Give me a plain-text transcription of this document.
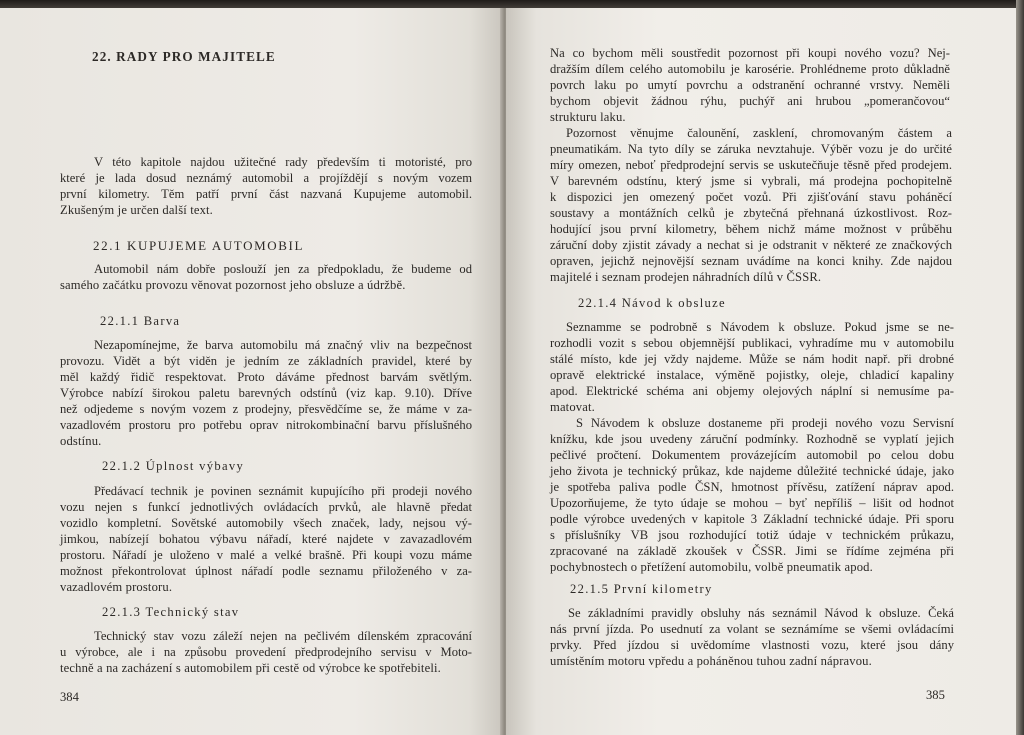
22. RADY PRO MAJITELE
V této kapitole najdou užitečné rady především ti motoristé, pro
které je lada dosud neznámý automobil a projíždějí s novým vozem
první kilometry. Těm patří první část nazvaná Kupujeme automobil.
Zkušeným je určen další text.
22.1 KUPUJEME AUTOMOBIL
Automobil nám dobře poslouží jen za předpokladu, že budeme od
samého začátku provozu věnovat pozornost jeho obsluze a údržbě.
22.1.1 Barva
Nezapomínejme, že barva automobilu má značný vliv na bezpečnost
provozu. Vidět a být viděn je jedním ze základních pravidel, které by
měl každý řidič respektovat. Proto dáváme přednost barvám světlým.
Výrobce nabízí širokou paletu barevných odstínů (viz kap. 9.10). Dříve
než odjedeme s novým vozem z prodejny, přesvědčíme se, že máme v za-
vazadlovém prostoru pro potřebu oprav nitrokombinační barvu příslušného
odstínu.
22.1.2 Úplnost výbavy
Předávací technik je povinen seznámit kupujícího při prodeji nového
vozu nejen s funkcí jednotlivých ovládacích prvků, ale hlavně předat
vozidlo kompletní. Sovětské automobily všech značek, lady, nejsou vý-
jimkou, nabízejí bohatou výbavu nářadí, které najdete v zavazadlovém
prostoru. Nářadí je uloženo v malé a velké brašně. Při koupi vozu máme
možnost překontrolovat úplnost nářadí podle seznamu přiloženého v za-
vazadlovém prostoru.
22.1.3 Technický stav
Technický stav vozu záleží nejen na pečlivém dílenském zpracování
u výrobce, ale i na způsobu provedení předprodejního servisu v Moto-
techně a na zacházení s automobilem při cestě od výrobce ke spotřebiteli.
384
Na co bychom měli soustředit pozornost při koupi nového vozu? Nej-
dražším dílem celého automobilu je karosérie. Prohlédneme proto důkladně
povrch laku po umytí povrchu a odstranění ochranné vrstvy. Neměli
bychom objevit žádnou rýhu, puchýř ani hrubou „pomerančovou“
strukturu laku.
Pozornost věnujme čalounění, zasklení, chromovaným částem a
pneumatikám. Na tyto díly se záruka nevztahuje. Výběr vozu je do určité
míry omezen, neboť předprodejní servis se uskutečňuje těsně před prodejem.
V barevném odstínu, který jsme si vybrali, má prodejna pochopitelně
k dispozici jen omezený počet vozů. Při zjišťování stavu poháněcí
soustavy a montážních celků je zbytečná přehnaná úzkostlivost. Roz-
hodující jsou první kilometry, během nichž máme možnost v průběhu
záruční doby zjistit závady a nechat si je odstranit v některé ze značkových
opraven, jejichž nejnovější seznam uvádíme na konci knihy. Zde najdou
majitelé i seznam prodejen náhradních dílů v ČSSR.
22.1.4 Návod k obsluze
Seznamme se podrobně s Návodem k obsluze. Pokud jsme se ne-
rozhodli vozit s sebou objemnější publikaci, vyhradíme mu v automobilu
stálé místo, kde jej vždy najdeme. Může se nám hodit např. při drobné
opravě elektrické instalace, výměně pojistky, oleje, chladicí kapaliny
apod. Elektrické schéma ani objemy olejových náplní si nemusíme pa-
matovat.
S Návodem k obsluze dostaneme při prodeji nového vozu Servisní
knížku, kde jsou uvedeny záruční podmínky. Rozhodně se vyplatí jejich
pečlivé pročtení. Dokumentem provázejícím automobil po celou dobu
jeho života je technický průkaz, kde najdeme důležité technické údaje, jako
je spotřeba paliva podle ČSN, hmotnost přívěsu, zatížení náprav apod.
Upozorňujeme, že tyto údaje se mohou – byť nepříliš – lišit od hodnot
podle výrobce uvedených v kapitole 3 Základní technické údaje. Při sporu
s příslušníky VB jsou rozhodující totiž údaje v technickém průkazu,
zpracované na základě zkoušek v ČSSR. Jimi se řídíme zejména při
pochybnostech o přetížení automobilu, volbě pneumatik apod.
22.1.5 První kilometry
Se základními pravidly obsluhy nás seznámil Návod k obsluze. Čeká
nás první jízda. Po usednutí za volant se seznámíme se všemi ovládacími
prvky. Před jízdou si uvědomíme vlastnosti vozu, které jsou dány
umístěním motoru vpředu a poháněnou tuhou zadní nápravou.
385
